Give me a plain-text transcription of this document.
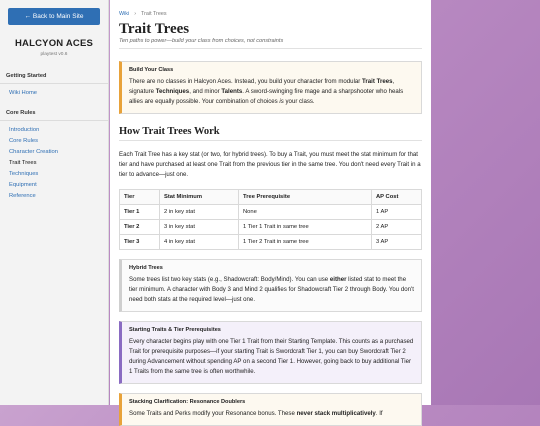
← Back to Main Site
HALCYON ACES
playtest v0.6
Getting Started
Wiki Home
Core Rules
Introduction
Core Rules
Character Creation
Trait Trees
Techniques
Equipment
Reference
Wiki › Trait Trees
Trait Trees
Ten paths to power—build your class from choices, not constraints
Build Your Class
There are no classes in Halcyon Aces. Instead, you build your character from modular Trait Trees, signature Techniques, and minor Talents. A sword-swinging fire mage and a sharpshooter who heals allies are equally possible. Your combination of choices is your class.
How Trait Trees Work

Each Trait Tree has a key stat (or two, for hybrid trees). To buy a Trait, you must meet the stat minimum for that tier and have purchased at least one Trait from the previous tier in the same tree. You don't need every Trait in a tier to advance—just one.

Tier	Stat Minimum	Tree Prerequisite	AP Cost
Tier 1	2 in key stat	None	1 AP
Tier 2	3 in key stat	1 Tier 1 Trait in same tree	2 AP
Tier 3	4 in key stat	1 Tier 2 Trait in same tree	3 AP
Hybrid Trees
Some trees list two key stats (e.g., Shadowcraft: Body/Mind). You can use either listed stat to meet the tier minimum. A character with Body 3 and Mind 2 qualifies for Shadowcraft Tier 2 through Body. You don't need both stats at the required level—just one.
Starting Traits & Tier Prerequisites
Every character begins play with one Tier 1 Trait from their Starting Template. This counts as a purchased Trait for prerequisite purposes—if your starting Trait is Swordcraft Tier 1, you can buy Swordcraft Tier 2 during Advancement without spending AP on a second Tier 1. However, going back to buy additional Tier 1 Traits from the same tree is often worthwhile.
Stacking Clarification: Resonance Doublers
Some Traits and Perks modify your Resonance bonus. These never stack multiplicatively. If
